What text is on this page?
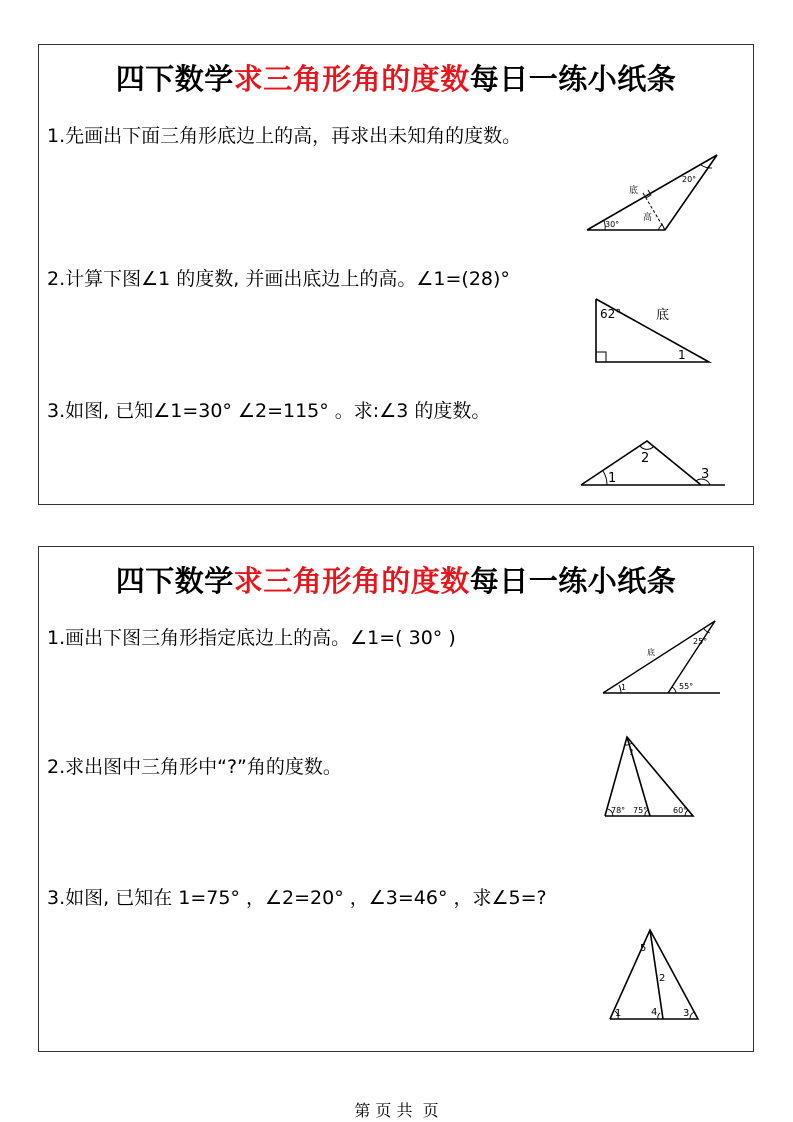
四下数学求三角形角的度数每日一练小纸条
1.先画出下面三角形底边上的高，再求出未知角的度数。
30°
20°
底
高
2.计算下图∠1 的度数, 并画出底边上的高。∠1=(28)°
62°	底
1
3.如图, 已知∠1=30° ∠2=115° 。求:∠3 的度数。
1
2
3
四下数学求三角形角的度数每日一练小纸条
1.画出下图三角形指定底边上的高。∠1=( 30° )
1
25°
底
55°
2.求出图中三角形中“?”角的度数。
?
78° 75°	60°
3.如图, 已知在 1=75° ，∠2=20° ，∠3=46° ，求∠5=?
1
2
3
4
5
第 页 共  页
